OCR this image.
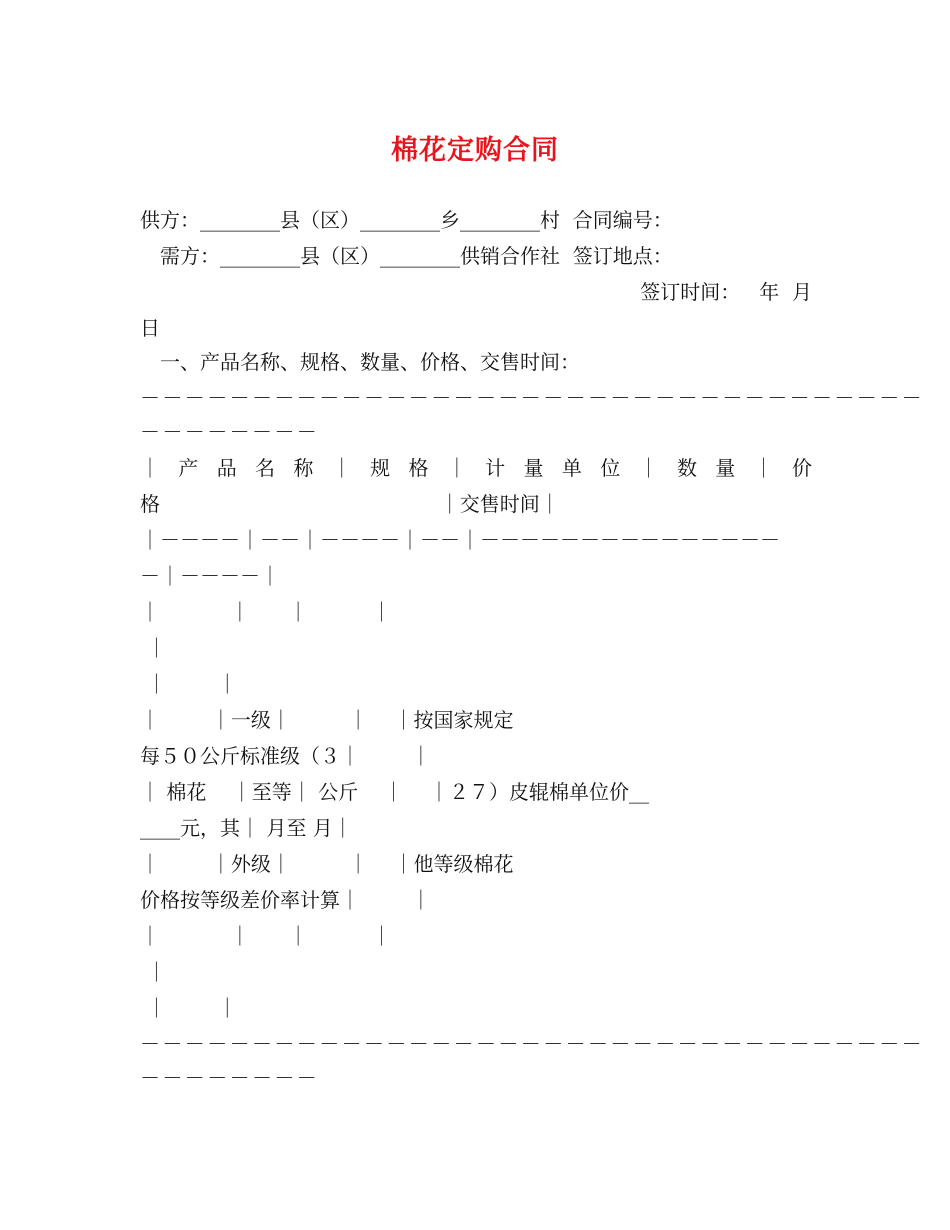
棉花定购合同
供方：________县（区）________乡________村  合同编号：
需方：________县（区）________供销合作社  签订地点：
签订时间：   年  月
日
一、产品名称、规格、数量、价格、交售时间：
－－－－－－－－－－－－－－－－－－－－－－－－－－－－－－－－－－－
－－－－－－－－
｜ 产 品 名 称 ｜ 规 格 ｜ 计 量 单 位 ｜ 数 量 ｜ 价
格                                            ｜交售时间｜
｜－－－－｜－－｜－－－－｜－－｜－－－－－－－－－－－－－－－
－｜－－－－｜
｜           ｜      ｜          ｜
｜
｜        ｜
｜        ｜一级｜         ｜    ｜按国家规定
每５０公斤标准级（３｜        ｜
｜ 棉花    ｜至等｜ 公斤    ｜    ｜２７）皮辊棉单位价__
____元，其｜ 月至 月｜
｜        ｜外级｜         ｜    ｜他等级棉花
价格按等级差价率计算｜        ｜
｜           ｜      ｜          ｜
｜
｜        ｜
－－－－－－－－－－－－－－－－－－－－－－－－－－－－－－－－－－－
－－－－－－－－
